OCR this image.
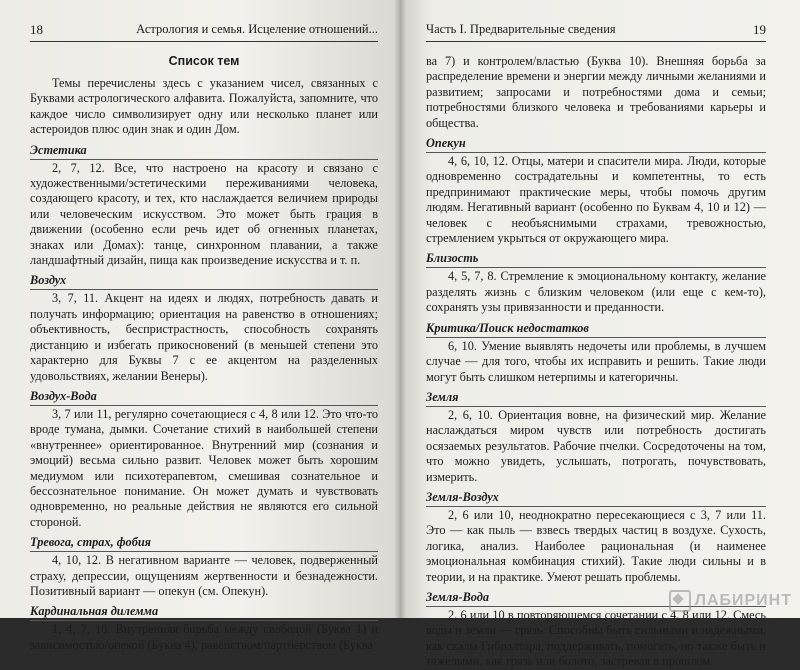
18	Астрология и семья. Исцеление отношений...
Список тем

Темы перечислены здесь с указанием чисел, связанных с Буквами астрологического алфавита. Пожалуйста, запомните, что каждое число символизирует одну или несколько планет или астероидов плюс один знак и один Дом.

Эстетика

2, 7, 12. Все, что настроено на красоту и связано с художественными/эстетическими переживаниями человека, создающего красоту, и тех, кто наслаждается величием природы или человеческим искусством. Это может быть грация в движении (особенно если речь идет об огненных планетах, знаках или Домах): танце, синхронном плавании, а также ландшафтный дизайн, пища как произведение искусства и т. п.

Воздух

3, 7, 11. Акцент на идеях и людях, потребность давать и получать информацию; ориентация на равенство в отношениях; объективность, беспристрастность, способность сохранять дистанцию и избегать прикосновений (в меньшей степени это характерно для Буквы 7 с ее акцентом на разделенных удовольствиях, желании Венеры).

Воздух-Вода

3, 7 или 11, регулярно сочетающиеся с 4, 8 или 12. Это что-то вроде тумана, дымки. Сочетание стихий в наибольшей степени «внутреннее» ориентированное. Внутренний мир (сознания и эмоций) весьма сильно развит. Человек может быть хорошим медиумом или психотерапевтом, смешивая сознательное и бессознательное понимание. Он может думать и чувствовать одновременно, но реальные действия не являются его сильной стороной.

Тревога, страх, фобия

4, 10, 12. В негативном варианте — человек, подверженный страху, депрессии, ощущениям жертвенности и безнадежности. Позитивный вариант — опекун (см. Опекун).

Кардинальная дилемма

1, 4, 7, 10. Внутренняя борьба между свободой (Буква 1) и зависимостью/опекой (Буква 4), равенством/партнерством (Буква

Часть I. Предварительные сведения	19

ва 7) и контролем/властью (Буква 10). Внешняя борьба за распределение времени и энергии между личными желаниями и развитием; запросами и потребностями дома и семьи; потребностями близкого человека и требованиями карьеры и общества.

Опекун

4, 6, 10, 12. Отцы, матери и спасители мира. Люди, которые одновременно сострадательны и компетентны, то есть предпринимают практические меры, чтобы помочь другим людям. Негативный вариант (особенно по Буквам 4, 10 и 12) — человек с необъяснимыми страхами, тревожностью, стремлением укрыться от окружающего мира.

Близость

4, 5, 7, 8. Стремление к эмоциональному контакту, желание разделять жизнь с близким человеком (или еще с кем-то), сохранять узы привязанности и преданности.

Критика/Поиск недостатков

6, 10. Умение выявлять недочеты или проблемы, в лучшем случае — для того, чтобы их исправить и решить. Такие люди могут быть слишком нетерпимы и категоричны.

Земля

2, 6, 10. Ориентация вовне, на физический мир. Желание наслаждаться миром чувств или потребность достигать осязаемых результатов. Рабочие пчелки. Сосредоточены на том, что можно увидеть, услышать, потрогать, почувствовать, измерить.

Земля-Воздух

2, 6 или 10, неоднократно пересекающиеся с 3, 7 или 11. Это — как пыль — взвесь твердых частиц в воздухе. Сухость, логика, анализ. Наиболее рациональная (и наименее эмоциональная комбинация стихий). Такие люди сильны и в теории, и на практике. Умеют решать проблемы.

Земля-Вода

2, 6 или 10 в повторяющемся сочетании с 4, 8 или 12. Смесь воды и земли — грязь. Способны быть сильными и надежными, как скалы Гибралтара, поддерживать, помогать, но также быть и тяжелыми, как грязь или болото, застревая в прошлом.

ЛАБИРИНТ
